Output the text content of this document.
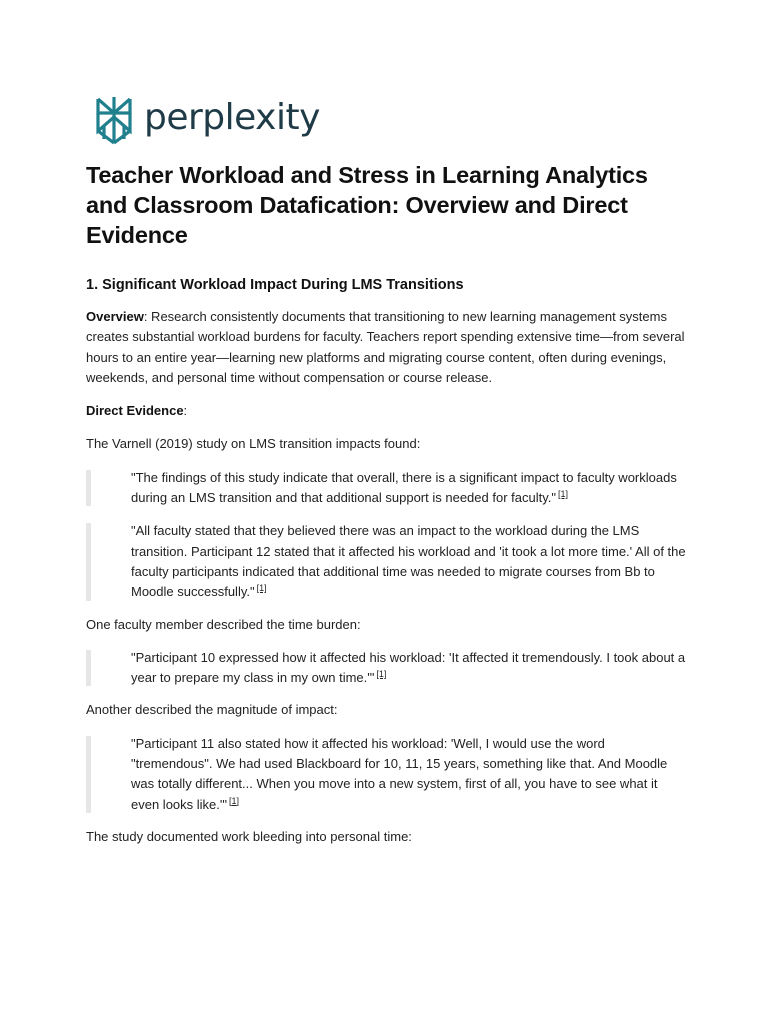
perplexity
Teacher Workload and Stress in Learning Analytics and Classroom Datafication: Overview and Direct Evidence
1. Significant Workload Impact During LMS Transitions

Overview: Research consistently documents that transitioning to new learning management systems creates substantial workload burdens for faculty. Teachers report spending extensive time—from several hours to an entire year—learning new platforms and migrating course content, often during evenings, weekends, and personal time without compensation or course release.

Direct Evidence:

The Varnell (2019) study on LMS transition impacts found:

"The findings of this study indicate that overall, there is a significant impact to faculty workloads during an LMS transition and that additional support is needed for faculty." [1]

"All faculty stated that they believed there was an impact to the workload during the LMS transition. Participant 12 stated that it affected his workload and 'it took a lot more time.' All of the faculty participants indicated that additional time was needed to migrate courses from Bb to Moodle successfully." [1]

One faculty member described the time burden:

"Participant 10 expressed how it affected his workload: 'It affected it tremendously. I took about a year to prepare my class in my own time.'" [1]

Another described the magnitude of impact:

"Participant 11 also stated how it affected his workload: 'Well, I would use the word "tremendous". We had used Blackboard for 10, 11, 15 years, something like that. And Moodle was totally different... When you move into a new system, first of all, you have to see what it even looks like.'" [1]

The study documented work bleeding into personal time:
